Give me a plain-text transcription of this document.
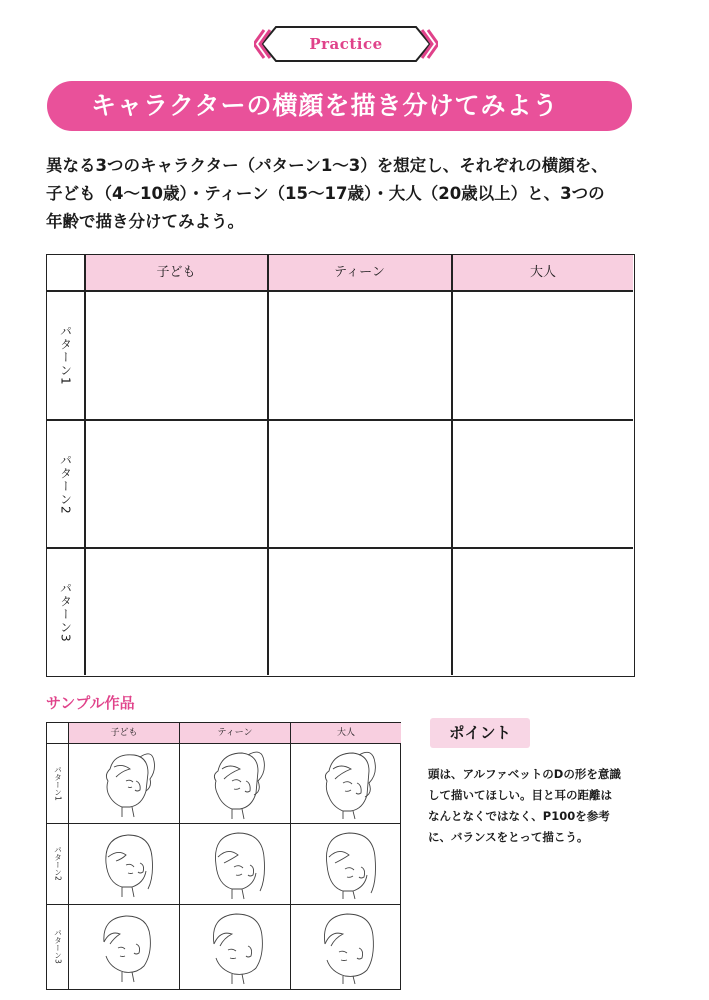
Practice
キャラクターの横顔を描き分けてみよう
異なる3つのキャラクター（パターン1～3）を想定し、それぞれの横顔を、
子ども（4～10歳）・ティーン（15～17歳）・大人（20歳以上）と、3つの
年齢で描き分けてみよう。
子ども	ティーン	大人
パターン1
パターン2
パターン3
サンプル作品
子ども	ティーン	大人
パターン1
パターン2
パターン3
ポイント
頭は、アルファベットのDの形を意識
して描いてほしい。目と耳の距離は
なんとなくではなく、P100を参考
に、バランスをとって描こう。
